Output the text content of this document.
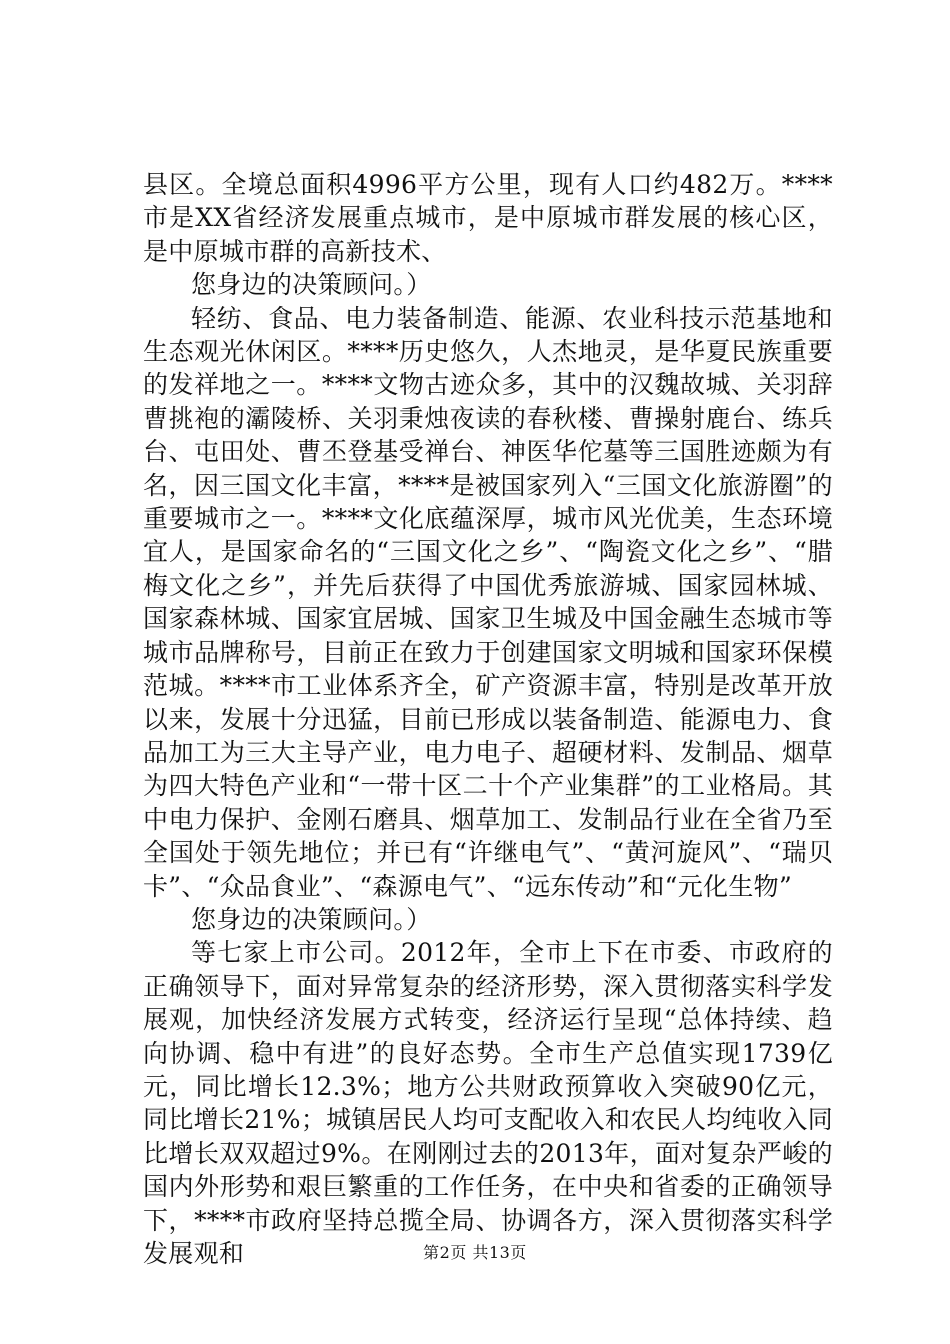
县区。全境总面积4996平方公里，现有人口约482万。****市是XX省经济发展重点城市，是中原城市群发展的核心区，是中原城市群的高新技术、

您身边的决策顾问。）

轻纺、食品、电力装备制造、能源、农业科技示范基地和生态观光休闲区。****历史悠久，人杰地灵，是华夏民族重要的发祥地之一。****文物古迹众多，其中的汉魏故城、关羽辞曹挑袍的灞陵桥、关羽秉烛夜读的春秋楼、曹操射鹿台、练兵台、屯田处、曹丕登基受禅台、神医华佗墓等三国胜迹颇为有名，因三国文化丰富，****是被国家列入“三国文化旅游圈”的重要城市之一。****文化底蕴深厚，城市风光优美，生态环境宜人，是国家命名的“三国文化之乡”、“陶瓷文化之乡”、“腊梅文化之乡”，并先后获得了中国优秀旅游城、国家园林城、国家森林城、国家宜居城、国家卫生城及中国金融生态城市等城市品牌称号，目前正在致力于创建国家文明城和国家环保模范城。****市工业体系齐全，矿产资源丰富，特别是改革开放以来，发展十分迅猛，目前已形成以装备制造、能源电力、食品加工为三大主导产业，电力电子、超硬材料、发制品、烟草为四大特色产业和“一带十区二十个产业集群”的工业格局。其中电力保护、金刚石磨具、烟草加工、发制品行业在全省乃至全国处于领先地位；并已有“许继电气”、“黄河旋风”、“瑞贝卡”、“众品食业”、“森源电气”、“远东传动”和“元化生物”

您身边的决策顾问。）

等七家上市公司。2012年，全市上下在市委、市政府的正确领导下，面对异常复杂的经济形势，深入贯彻落实科学发展观，加快经济发展方式转变，经济运行呈现“总体持续、趋向协调、稳中有进”的良好态势。全市生产总值实现1739亿元，同比增长12.3%；地方公共财政预算收入突破90亿元，同比增长21%；城镇居民人均可支配收入和农民人均纯收入同比增长双双超过9%。在刚刚过去的2013年，面对复杂严峻的国内外形势和艰巨繁重的工作任务，在中央和省委的正确领导下，****市政府坚持总揽全局、协调各方，深入贯彻落实科学发展观和	第2页 共13页
